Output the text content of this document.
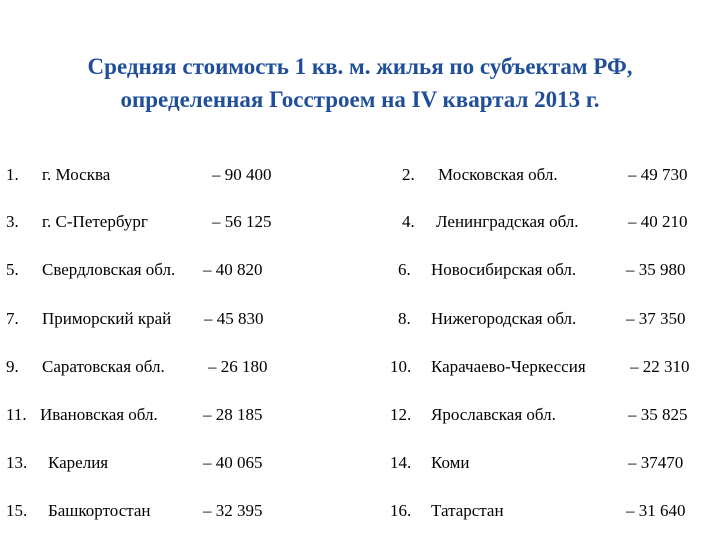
Средняя стоимость 1 кв. м. жилья по субъектам РФ,
определенная Госстроем на IV квартал 2013 г.
1. г. Москва	– 90 400	2. Московская обл.	– 49 730
3. г. С-Петербург	– 56 125	4. Ленинградская обл.	– 40 210
5. Свердловская обл. – 40 820	6. Новосибирская обл.	– 35 980
7. Приморский край – 45 830	8. Нижегородская обл.	– 37 350
9. Саратовская обл.	– 26 180	10. Карачаево-Черкессия	– 22 310
11. Ивановская обл.	– 28 185	12. Ярославская обл.	– 35 825
13. Карелия	– 40 065	14. Коми	– 37470
15. Башкортостан	– 32 395	16. Татарстан	– 31 640
